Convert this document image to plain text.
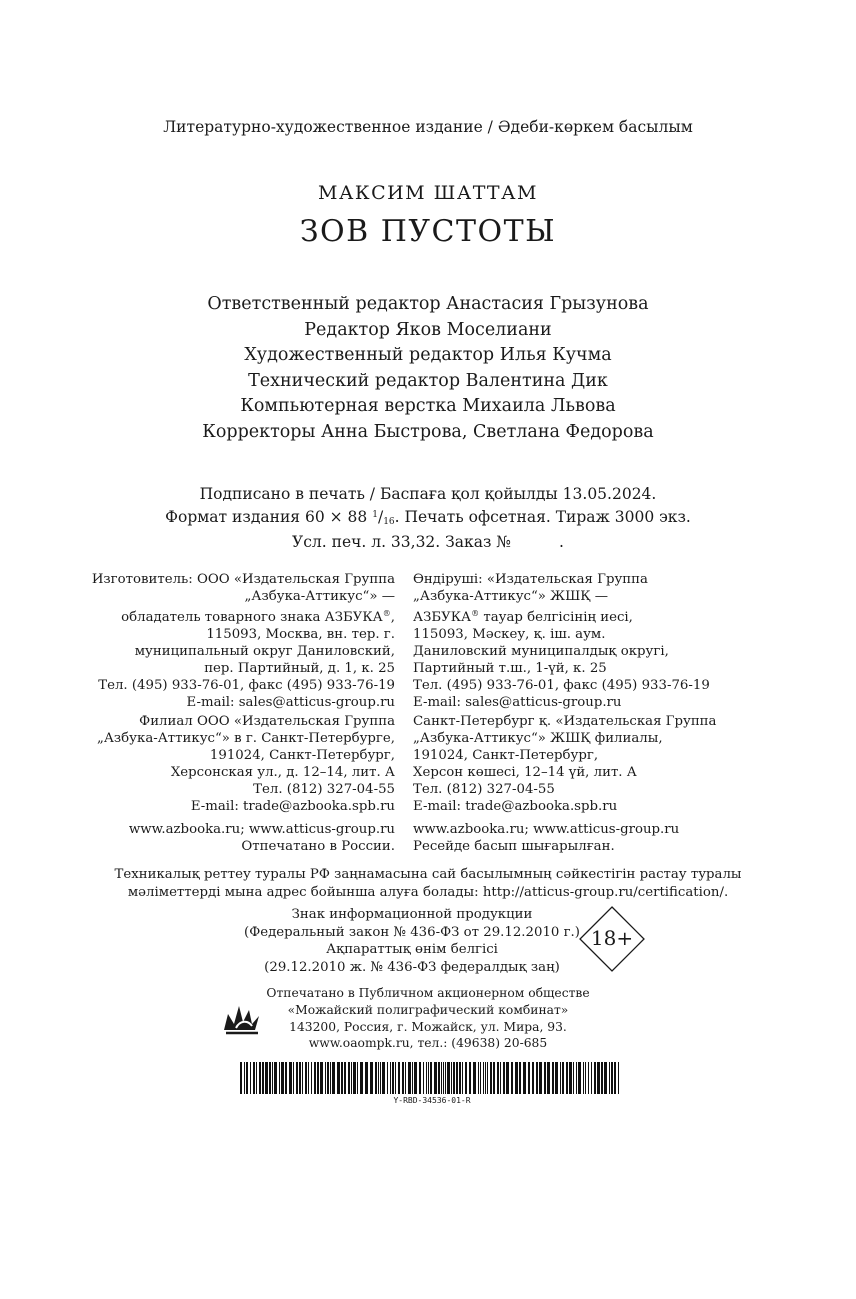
Литературно-художественное издание / Әдеби-көркем басылым
МАКСИМ ШАТТАМ
ЗОВ ПУСТОТЫ
Ответственный редактор Анастасия Грызунова
Редактор Яков Моселиани
Художественный редактор Илья Кучма
Технический редактор Валентина Дик
Компьютерная верстка Михаила Львова
Корректоры Анна Быстрова, Светлана Федорова
Подписано в печать / Баспаға қол қойылды 13.05.2024.
Формат издания 60 × 88 $^1/_{16}$. Печать офсетная. Тираж 3000 экз.
Усл. печ. л. 33,32. Заказ №	.
Изготовитель: ООО «Издательская Группа
„Азбука-Аттикус“» —
обладатель товарного знака АЗБУКА®,
115093, Москва, вн. тер. г.
муниципальный округ Даниловский,
пер. Партийный, д. 1, к. 25
Тел. (495) 933-76-01, факс (495) 933-76-19
E-mail: sales@atticus-group.ru
Өндіруші: «Издательская Группа
„Азбука-Аттикус“» ЖШҚ —
АЗБУКА® тауар белгісінің иесі,
115093, Мәскеу, қ. іш. аум.
Даниловский муниципалдық округі,
Партийный т.ш., 1-үй, к. 25
Тел. (495) 933-76-01, факс (495) 933-76-19
E-mail: sales@atticus-group.ru
Филиал ООО «Издательская Группа
„Азбука-Аттикус“» в г. Санкт-Петербурге,
191024, Санкт-Петербург,
Херсонская ул., д. 12–14, лит. А
Тел. (812) 327-04-55
E-mail: trade@azbooka.spb.ru
Санкт-Петербург қ. «Издательская Группа
„Азбука-Аттикус“» ЖШҚ филиалы,
191024, Санкт-Петербург,
Херсон көшесі, 12–14 үй, лит. А
Тел. (812) 327-04-55
E-mail: trade@azbooka.spb.ru
www.azbooka.ru; www.atticus-group.ru
Отпечатано в России.
www.azbooka.ru; www.atticus-group.ru
Ресейде басып шығарылған.
Техникалық реттеу туралы РФ заңнамасына сай басылымның сәйкестігін растау туралы
мәліметтерді мына адрес бойынша алуға болады: http://atticus-group.ru/certification/.
Знак информационной продукции
(Федеральный закон № 436-ФЗ от 29.12.2010 г.)
Ақпараттық өнім белгісі
(29.12.2010 ж. № 436-ФЗ федералдық заң)
18+
Отпечатано в Публичном акционерном обществе
«Можайский полиграфический комбинат»
143200, Россия, г. Можайск, ул. Мира, 93.
www.oaompk.ru, тел.: (49638) 20-685
Y-RBD-34536-01-R
